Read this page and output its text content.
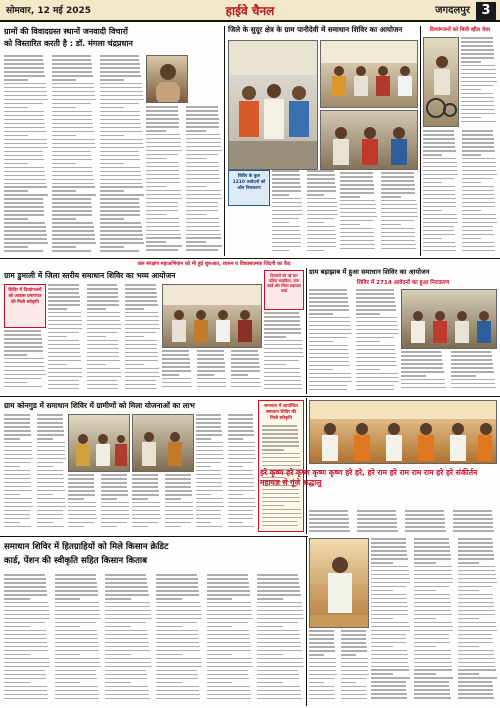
सोमवार, 12 मई 2025	हाईवे चैनल	जगदलपुर 3
ग्रामों की विवादग्रस्त स्थानों जनवादी विचारों
को विस्तारित करती है : डॉ. मंगला चंद्रप्रधान
जिले के सुदूर क्षेत्र के ग्राम पानीदेवी में समाधान शिविर का आयोजन
शिविर के कुल 1210 आवेदनों को ऑन निराकरण
दिव्यांगजनों को मिली व्हील चेयर
जल संरक्षण महाअभियान को मी हुई शुरुआत, शासन व विकासात्मक जिंदगी का कैद
ग्राम डुमाली में जिला स्तरीय समाधान शिविर का भव्य आयोजन
शिविर में दिव्यांगजनों को आवास प्रमाणपत्र की मिली स्वीकृति
दिव्यांगों को नई चार पहिया साइकिल, तारा कार्ड और जिला सहायता कार्ड
ग्राम बड़ाझाब में हुआ समाधान शिविर का आयोजन
शिविर में 2714 आवेदनों का हुआ निराकरण
ग्राम कोनगुड में समाधान शिविर में ग्रामीणों को मिला योजनाओं का लाभ	समाधान में आयोजित समाधान शिविर की मिली स्वीकृति
हरे कृष्ण हरे कृष्ण कृष्ण कृष्ण हरे हरे, हरे राम हरे राम राम राम हरे हरे संकीर्तन महायज्ञ से गूंजे श्रद्धालु
समाधान शिविर में हितग्राहियों को मिले किसान क्रेडिट
कार्ड, पेंशन की स्वीकृति सहित किसान किताब
